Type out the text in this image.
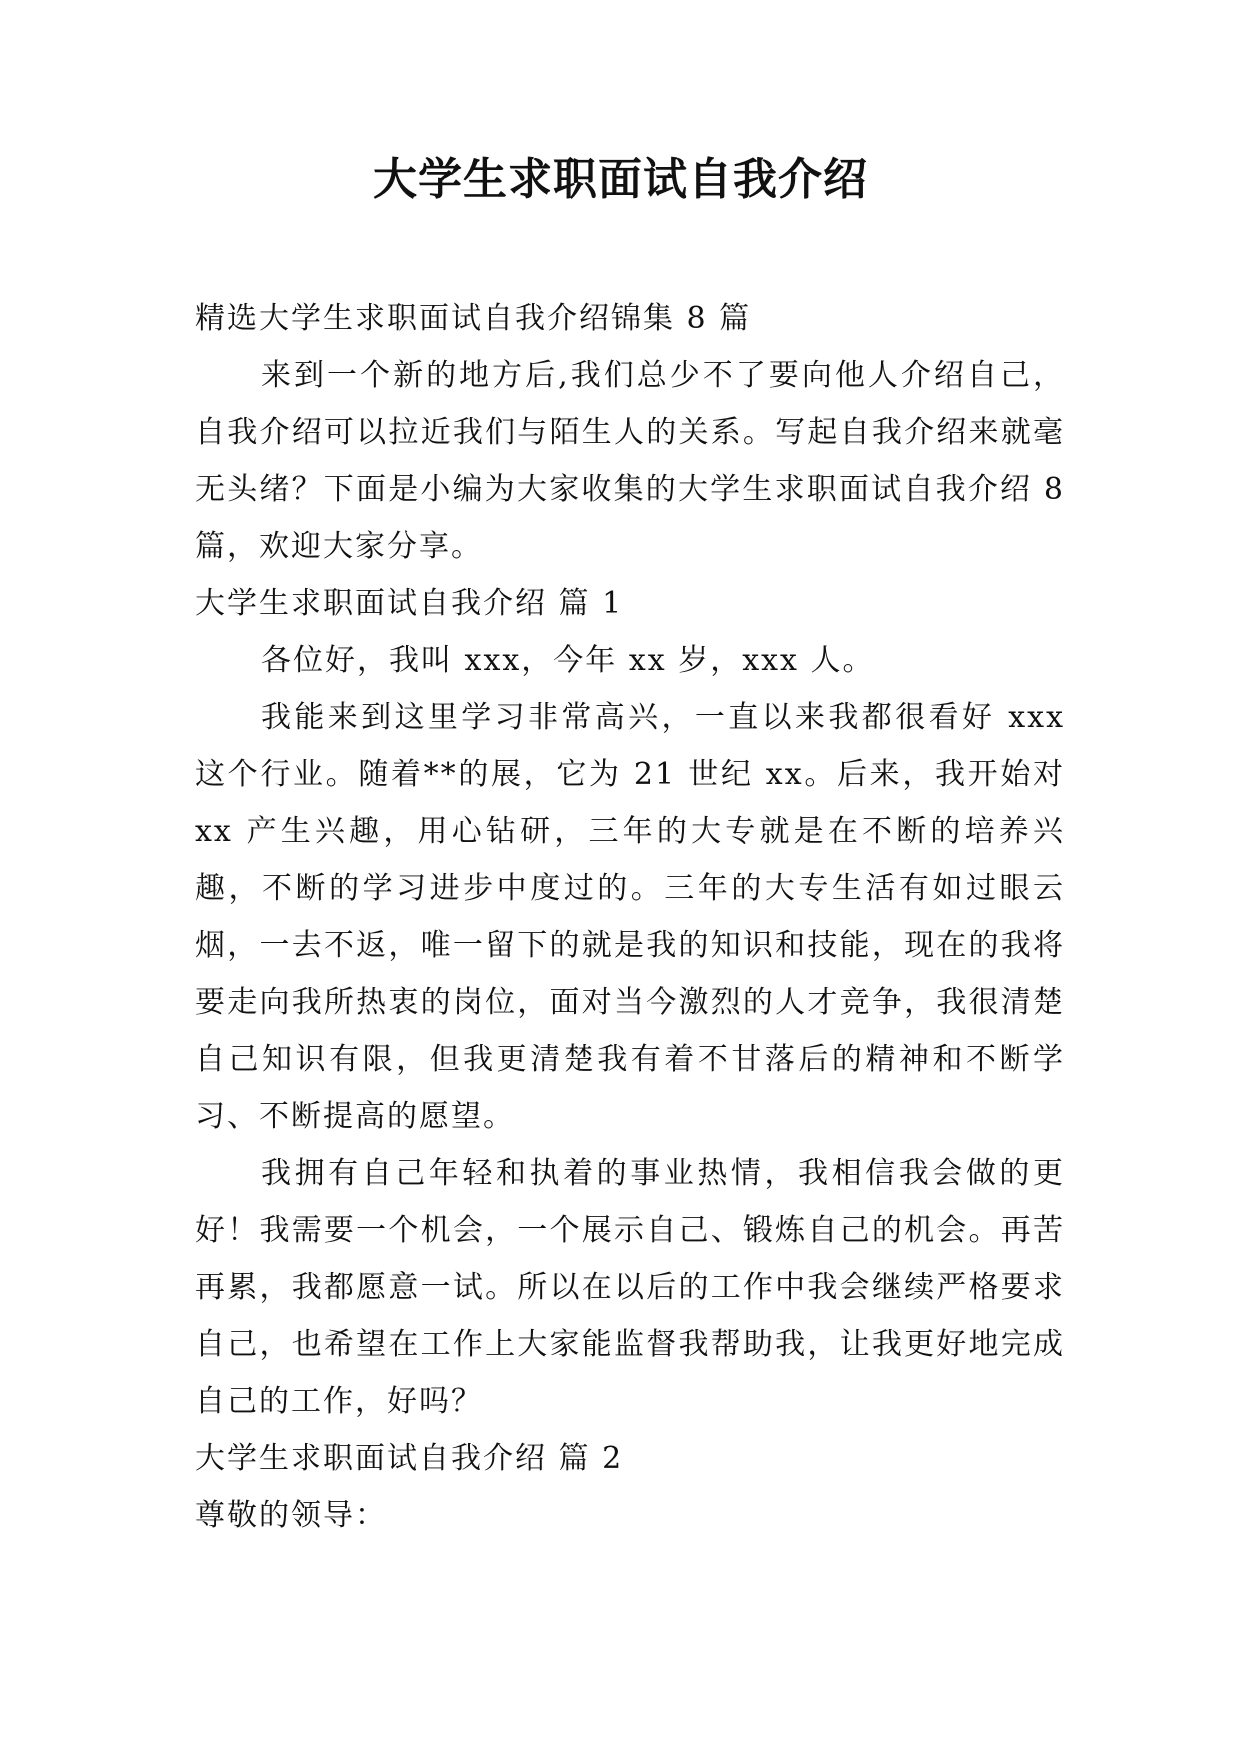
大学生求职面试自我介绍

精选大学生求职面试自我介绍锦集 8 篇

来到一个新的地方后,我们总少不了要向他人介绍自己，自我介绍可以拉近我们与陌生人的关系。写起自我介绍来就毫无头绪？下面是小编为大家收集的大学生求职面试自我介绍 8 篇，欢迎大家分享。

大学生求职面试自我介绍 篇 1

各位好，我叫 xxx，今年 xx 岁，xxx 人。

我能来到这里学习非常高兴，一直以来我都很看好 xxx 这个行业。随着**的展，它为 21 世纪 xx。后来，我开始对 xx 产生兴趣，用心钻研，三年的大专就是在不断的培养兴趣，不断的学习进步中度过的。三年的大专生活有如过眼云烟，一去不返，唯一留下的就是我的知识和技能，现在的我将要走向我所热衷的岗位，面对当今激烈的人才竞争，我很清楚自己知识有限，但我更清楚我有着不甘落后的精神和不断学习、不断提高的愿望。

我拥有自己年轻和执着的事业热情，我相信我会做的更好！我需要一个机会，一个展示自己、锻炼自己的机会。再苦再累，我都愿意一试。所以在以后的工作中我会继续严格要求自己，也希望在工作上大家能监督我帮助我，让我更好地完成自己的工作，好吗？

大学生求职面试自我介绍 篇 2

尊敬的领导：
